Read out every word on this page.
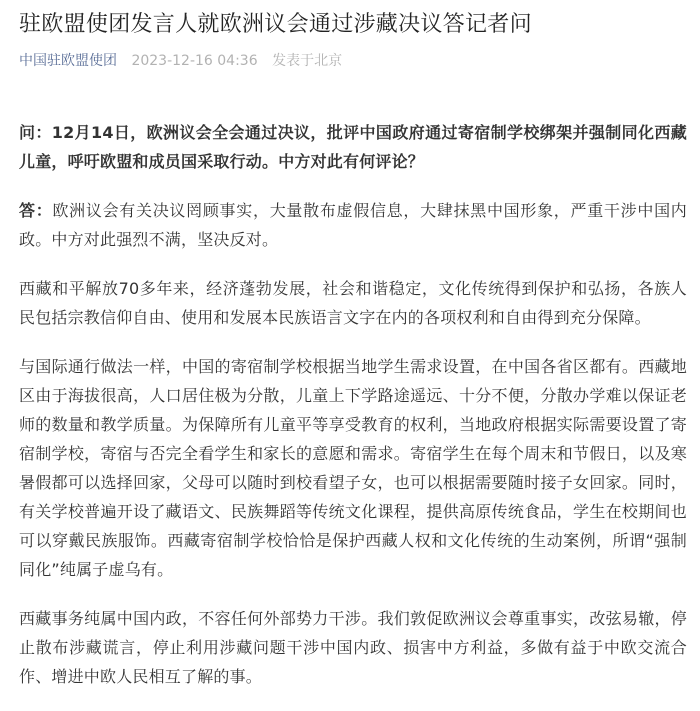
驻欧盟使团发言人就欧洲议会通过涉藏决议答记者问
中国驻欧盟使团 2023-12-16 04:36 发表于北京

问：12月14日，欧洲议会全会通过决议，批评中国政府通过寄宿制学校绑架并强制同化西藏儿童，呼吁欧盟和成员国采取行动。中方对此有何评论？

答：欧洲议会有关决议罔顾事实，大量散布虚假信息，大肆抹黑中国形象，严重干涉中国内政。中方对此强烈不满，坚决反对。

西藏和平解放70多年来，经济蓬勃发展，社会和谐稳定，文化传统得到保护和弘扬，各族人民包括宗教信仰自由、使用和发展本民族语言文字在内的各项权利和自由得到充分保障。

与国际通行做法一样，中国的寄宿制学校根据当地学生需求设置，在中国各省区都有。西藏地区由于海拔很高，人口居住极为分散，儿童上下学路途遥远、十分不便，分散办学难以保证老师的数量和教学质量。为保障所有儿童平等享受教育的权利，当地政府根据实际需要设置了寄宿制学校，寄宿与否完全看学生和家长的意愿和需求。寄宿学生在每个周末和节假日，以及寒暑假都可以选择回家，父母可以随时到校看望子女，也可以根据需要随时接子女回家。同时，有关学校普遍开设了藏语文、民族舞蹈等传统文化课程，提供高原传统食品，学生在校期间也可以穿戴民族服饰。西藏寄宿制学校恰恰是保护西藏人权和文化传统的生动案例，所谓“强制同化”纯属子虚乌有。

西藏事务纯属中国内政，不容任何外部势力干涉。我们敦促欧洲议会尊重事实，改弦易辙，停止散布涉藏谎言，停止利用涉藏问题干涉中国内政、损害中方利益，多做有益于中欧交流合作、增进中欧人民相互了解的事。
